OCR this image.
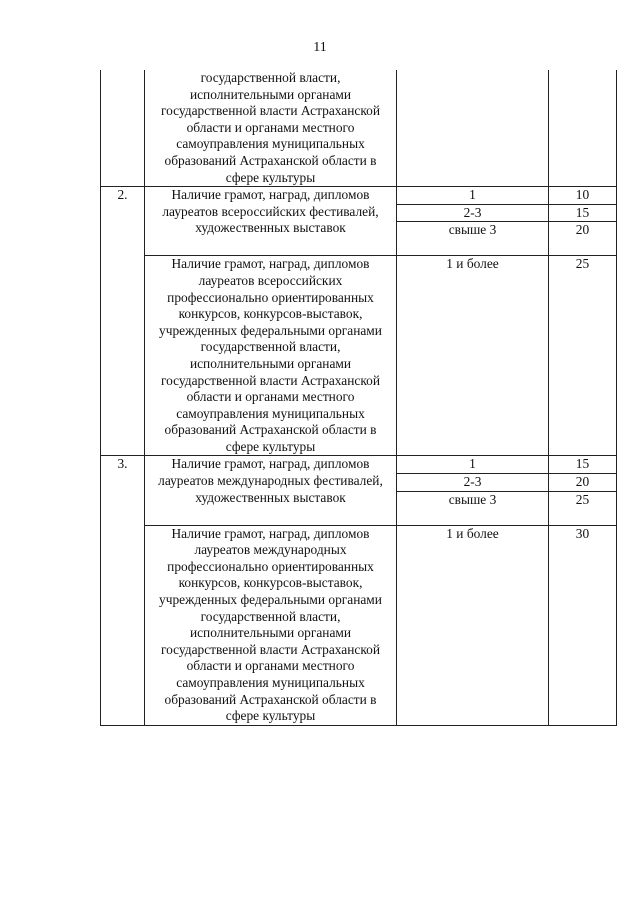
11
	государственной власти, исполнительными органами государственной власти Астраханской области и органами местного самоуправления муниципальных образований Астраханской области в сфере культуры		
2.	Наличие грамот, наград, дипломов лауреатов всероссийских фестивалей, художественных выставок	1	10
		2-3	15
		свыше 3	20
	Наличие грамот, наград, дипломов лауреатов всероссийских профессионально ориентированных конкурсов, конкурсов-выставок, учрежденных федеральными органами государственной власти, исполнительными органами государственной власти Астраханской области и органами местного самоуправления муниципальных образований Астраханской области в сфере культуры	1 и более	25
3.	Наличие грамот, наград, дипломов лауреатов международных фестивалей, художественных выставок	1	15
		2-3	20
		свыше 3	25
	Наличие грамот, наград, дипломов лауреатов международных профессионально ориентированных конкурсов, конкурсов-выставок, учрежденных федеральными органами государственной власти, исполнительными органами государственной власти Астраханской области и органами местного самоуправления муниципальных образований Астраханской области в сфере культуры	1 и более	30
